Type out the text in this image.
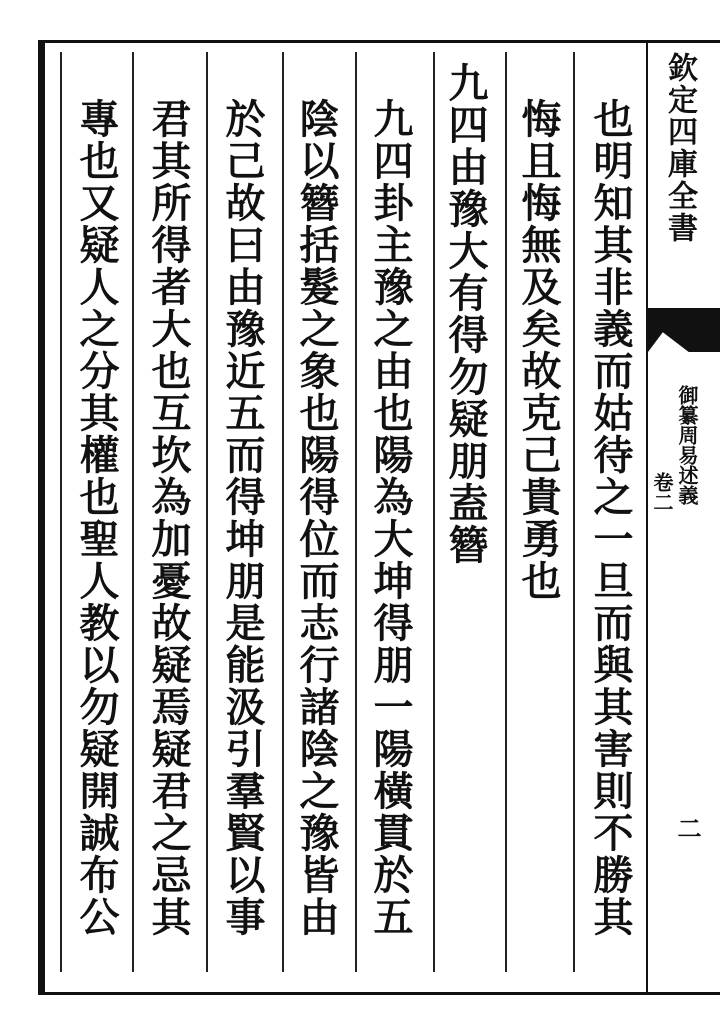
欽定四庫全書
御纂周易述義
卷二
二
也明知其非義而姑待之一旦而與其害則不勝其
悔且悔無及矣故克己貴勇也
九四由豫大有得勿疑朋盍簪
九四卦主豫之由也陽為大坤得朋一陽橫貫於五
陰以簪括髮之象也陽得位而志行諸陰之豫皆由
於己故曰由豫近五而得坤朋是能汲引羣賢以事
君其所得者大也互坎為加憂故疑焉疑君之忌其
專也又疑人之分其權也聖人教以勿疑開誠布公
